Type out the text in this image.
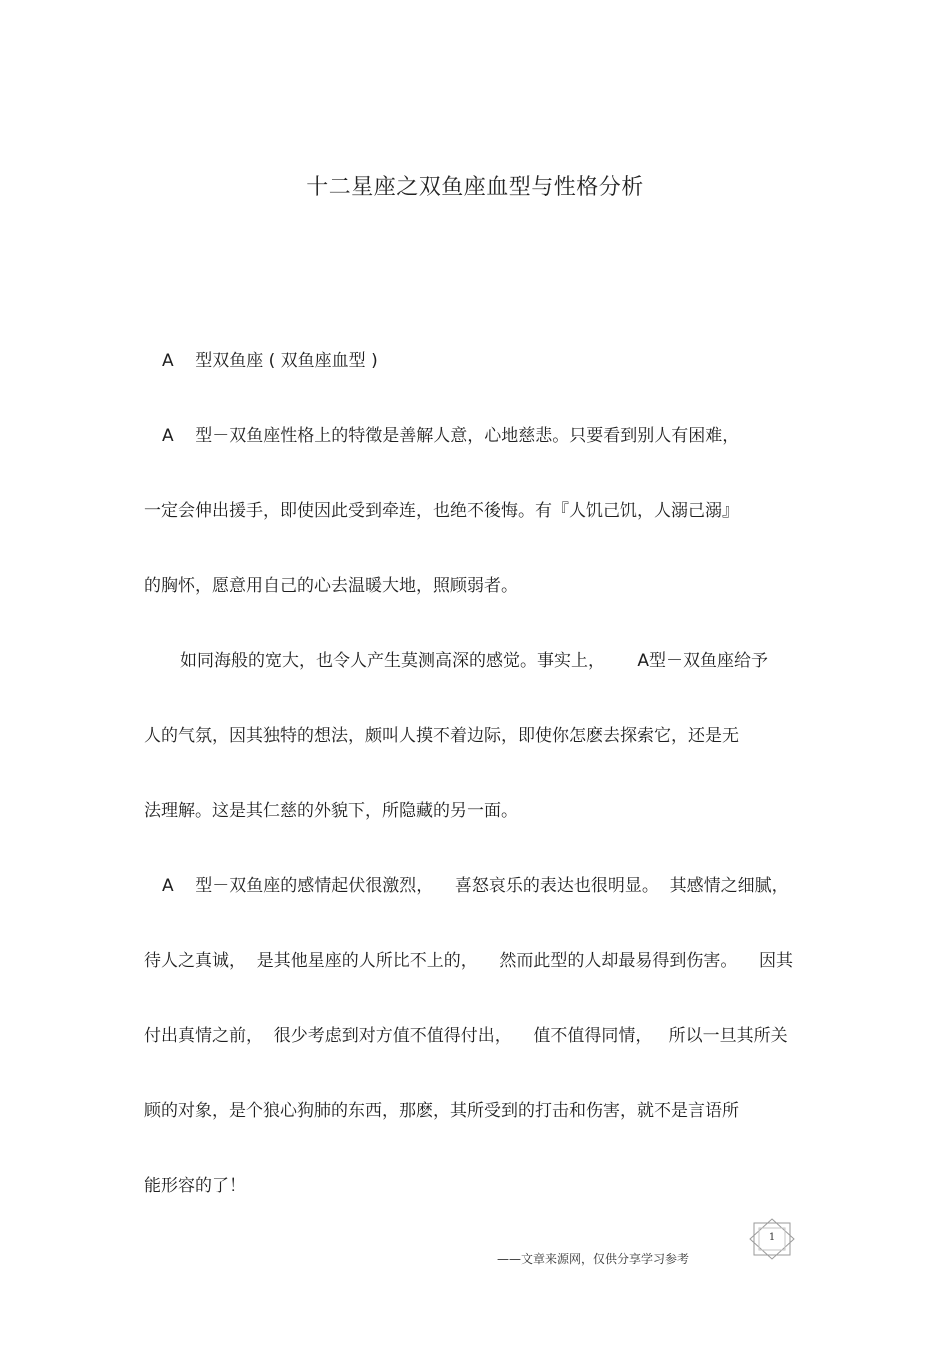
十二星座之双鱼座血型与性格分析
A    型双鱼座 ( 双鱼座血型 )
A    型－双鱼座性格上的特徵是善解人意，心地慈悲。只要看到别人有困难，
一定会伸出援手，即使因此受到牵连，也绝不後悔。有『人饥己饥，人溺己溺』
的胸怀，愿意用自己的心去温暖大地，照顾弱者。
如同海般的宽大，也令人产生莫测高深的感觉。事实上，      A型－双鱼座给予
人的气氛，因其独特的想法，颇叫人摸不着边际，即使你怎麽去探索它，还是无
法理解。这是其仁慈的外貌下，所隐藏的另一面。
A    型－双鱼座的感情起伏很激烈，    喜怒哀乐的表达也很明显。  其感情之细腻，
待人之真诚，  是其他星座的人所比不上的，    然而此型的人却最易得到伤害。    因其
付出真情之前，  很少考虑到对方值不值得付出，    值不值得同情，   所以一旦其所关
顾的对象，是个狼心狗肺的东西，那麽，其所受到的打击和伤害，就不是言语所
能形容的了！
——文章来源网，仅供分享学习参考
1
